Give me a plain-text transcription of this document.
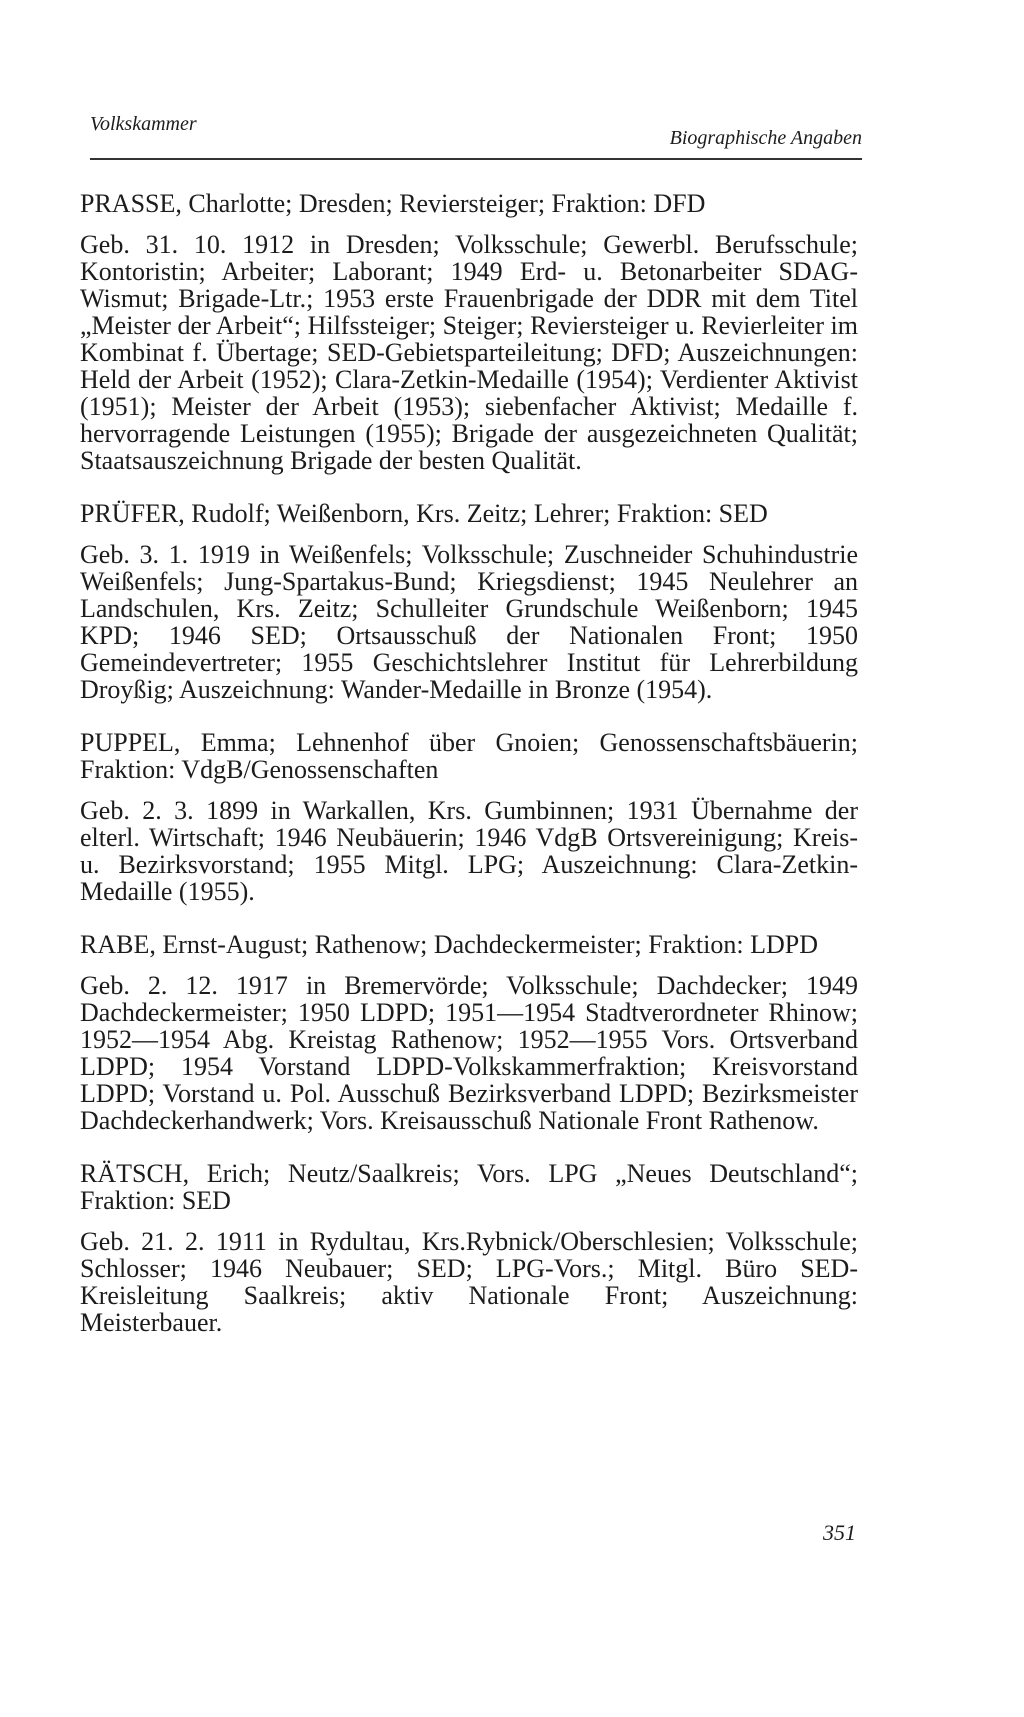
Volkskammer
Biographische Angaben

PRASSE, Charlotte; Dresden; Reviersteiger; Fraktion: DFD

Geb. 31. 10. 1912 in Dresden; Volksschule; Gewerbl. Berufsschule; Kontoristin; Arbeiter; Laborant; 1949 Erd- u. Betonarbeiter SDAG-Wismut; Brigade-Ltr.; 1953 erste Frauenbrigade der DDR mit dem Titel „Meister der Arbeit“; Hilfssteiger; Steiger; Reviersteiger u. Revierleiter im Kombinat f. Übertage; SED-Gebietsparteileitung; DFD; Auszeichnungen: Held der Arbeit (1952); Clara-Zetkin-Medaille (1954); Verdienter Aktivist (1951); Meister der Arbeit (1953); siebenfacher Aktivist; Medaille f. hervorragende Leistungen (1955); Brigade der ausgezeichneten Qualität; Staatsauszeichnung Brigade der besten Qualität.

PRÜFER, Rudolf; Weißenborn, Krs. Zeitz; Lehrer; Fraktion: SED

Geb. 3. 1. 1919 in Weißenfels; Volksschule; Zuschneider Schuhindustrie Weißenfels; Jung-Spartakus-Bund; Kriegsdienst; 1945 Neulehrer an Landschulen, Krs. Zeitz; Schulleiter Grundschule Weißenborn; 1945 KPD; 1946 SED; Ortsausschuß der Nationalen Front; 1950 Gemeindevertreter; 1955 Geschichtslehrer Institut für Lehrerbildung Droyßig; Auszeichnung: Wander-Medaille in Bronze (1954).

PUPPEL, Emma; Lehnenhof über Gnoien; Genossenschaftsbäuerin; Fraktion: VdgB/Genossenschaften

Geb. 2. 3. 1899 in Warkallen, Krs. Gumbinnen; 1931 Übernahme der elterl. Wirtschaft; 1946 Neubäuerin; 1946 VdgB Ortsvereinigung; Kreis- u. Bezirksvorstand; 1955 Mitgl. LPG; Auszeichnung: Clara-Zetkin-Medaille (1955).

RABE, Ernst-August; Rathenow; Dachdeckermeister; Fraktion: LDPD

Geb. 2. 12. 1917 in Bremervörde; Volksschule; Dachdecker; 1949 Dachdeckermeister; 1950 LDPD; 1951—1954 Stadtverordneter Rhinow; 1952—1954 Abg. Kreistag Rathenow; 1952—1955 Vors. Ortsverband LDPD; 1954 Vorstand LDPD-Volkskammerfraktion; Kreisvorstand LDPD; Vorstand u. Pol. Ausschuß Bezirksverband LDPD; Bezirksmeister Dachdeckerhandwerk; Vors. Kreisausschuß Nationale Front Rathenow.

RÄTSCH, Erich; Neutz/Saalkreis; Vors. LPG „Neues Deutschland“; Fraktion: SED

Geb. 21. 2. 1911 in Rydultau, Krs.Rybnick/Oberschlesien; Volksschule; Schlosser; 1946 Neubauer; SED; LPG-Vors.; Mitgl. Büro SED-Kreisleitung Saalkreis; aktiv Nationale Front; Auszeichnung: Meisterbauer.

351
